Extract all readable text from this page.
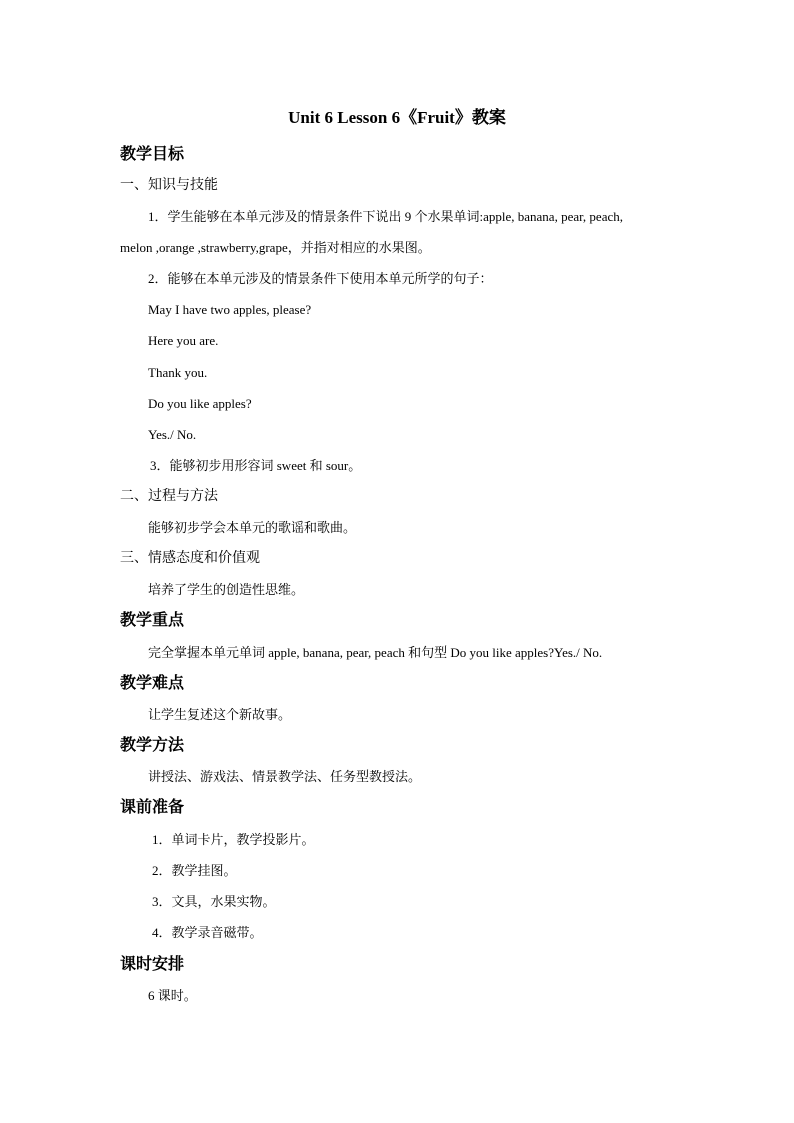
Unit 6 Lesson 6《Fruit》教案
教学目标
一、知识与技能
1．学生能够在本单元涉及的情景条件下说出 9 个水果单词:apple, banana, pear, peach,
melon ,orange ,strawberry,grape，并指对相应的水果图。
2．能够在本单元涉及的情景条件下使用本单元所学的句子：
May I have two apples, please?
Here you are.
Thank you.
Do you like apples?
Yes./ No.
3．能够初步用形容词 sweet 和 sour。
二、过程与方法
能够初步学会本单元的歌谣和歌曲。
三、情感态度和价值观
培养了学生的创造性思维。
教学重点
完全掌握本单元单词 apple, banana, pear, peach 和句型 Do you like apples?Yes./ No.
教学难点
让学生复述这个新故事。
教学方法
讲授法、游戏法、情景教学法、任务型教授法。
课前准备
1．单词卡片，教学投影片。
2．教学挂图。
3．文具，水果实物。
4．教学录音磁带。
课时安排
6 课时。
